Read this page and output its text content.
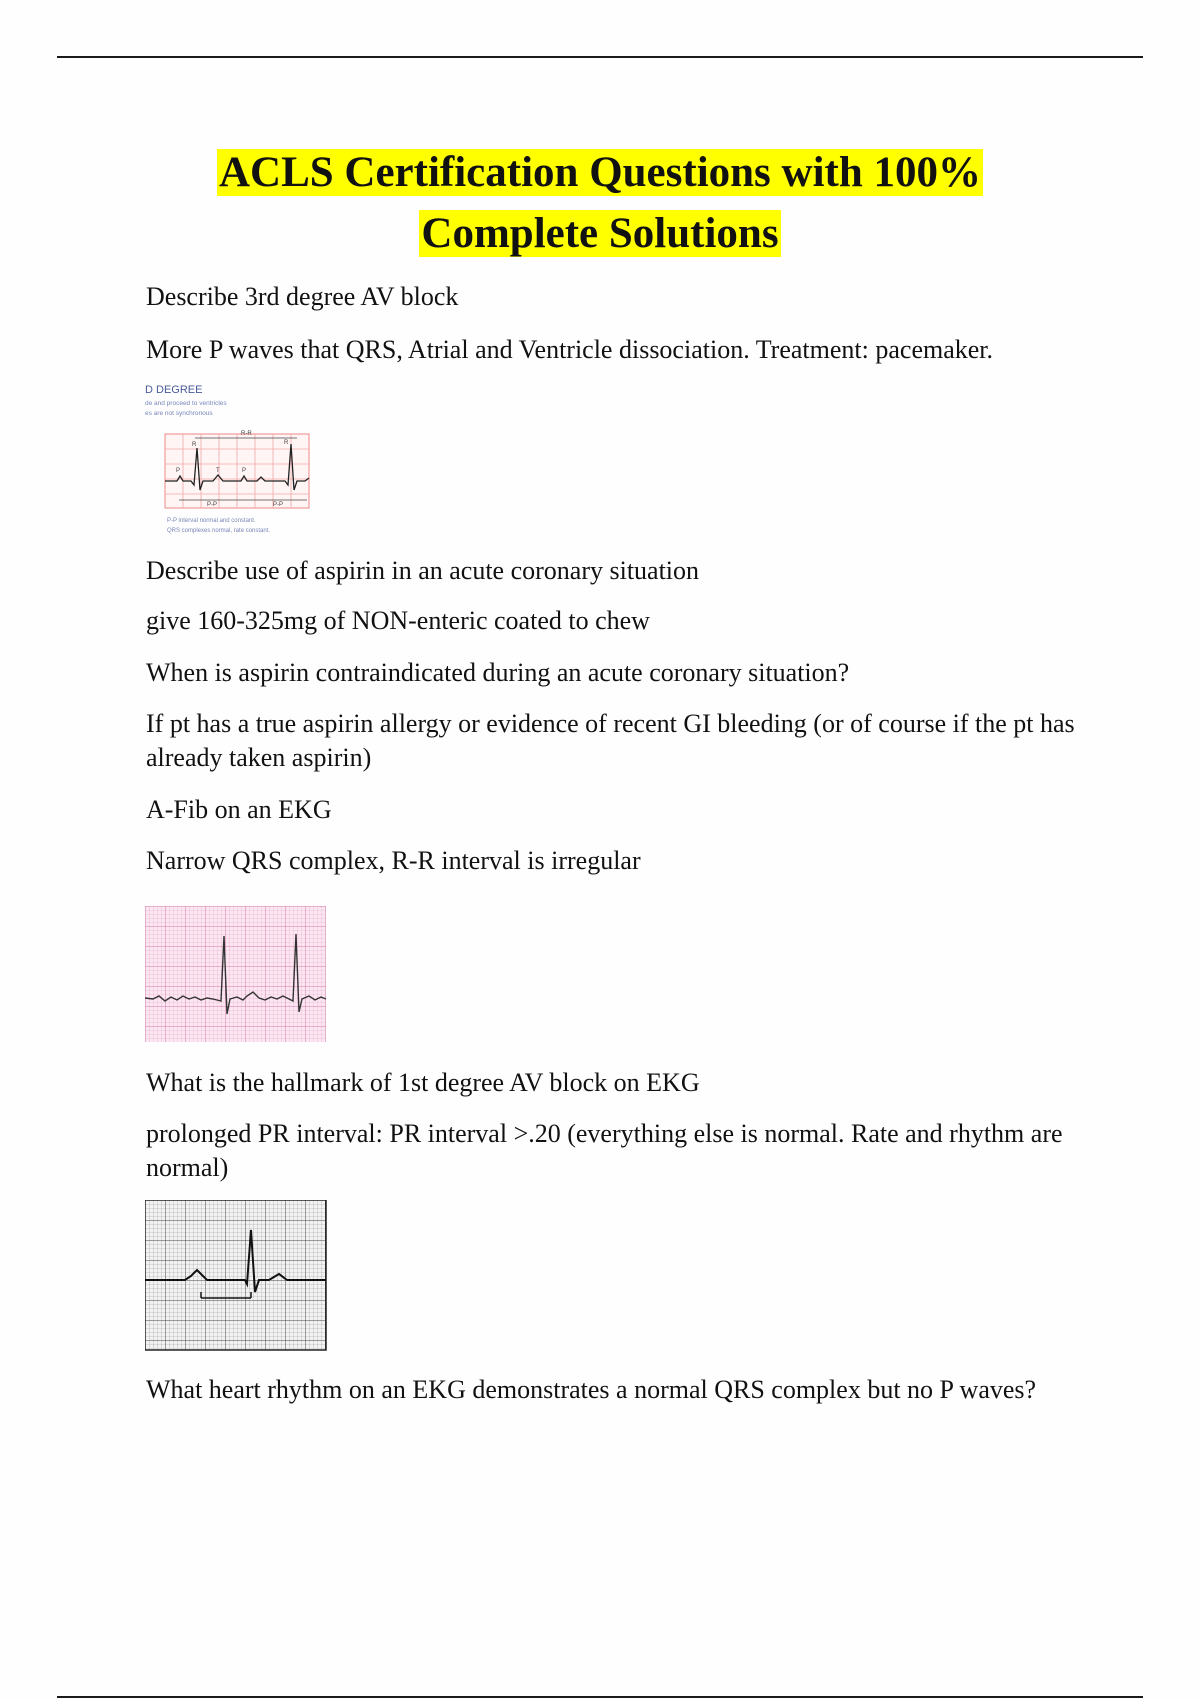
ACLS Certification Questions with 100%
Complete Solutions
Describe 3rd degree AV block
More P waves that QRS, Atrial and Ventricle dissociation. Treatment: pacemaker.
D DEGREE
de and proceed to ventricles
es are not synchronous
R-R
R	R
P	T	P
P-P	P-P
P-P interval normal and constant.
QRS complexes normal, rate constant.
Describe use of aspirin in an acute coronary situation
give 160-325mg of NON-enteric coated to chew
When is aspirin contraindicated during an acute coronary situation?
If pt has a true aspirin allergy or evidence of recent GI bleeding (or of course if the pt has already taken aspirin)
A-Fib on an EKG
Narrow QRS complex, R-R interval is irregular
What is the hallmark of 1st degree AV block on EKG
prolonged PR interval: PR interval >.20 (everything else is normal. Rate and rhythm are normal)
What heart rhythm on an EKG demonstrates a normal QRS complex but no P waves?
